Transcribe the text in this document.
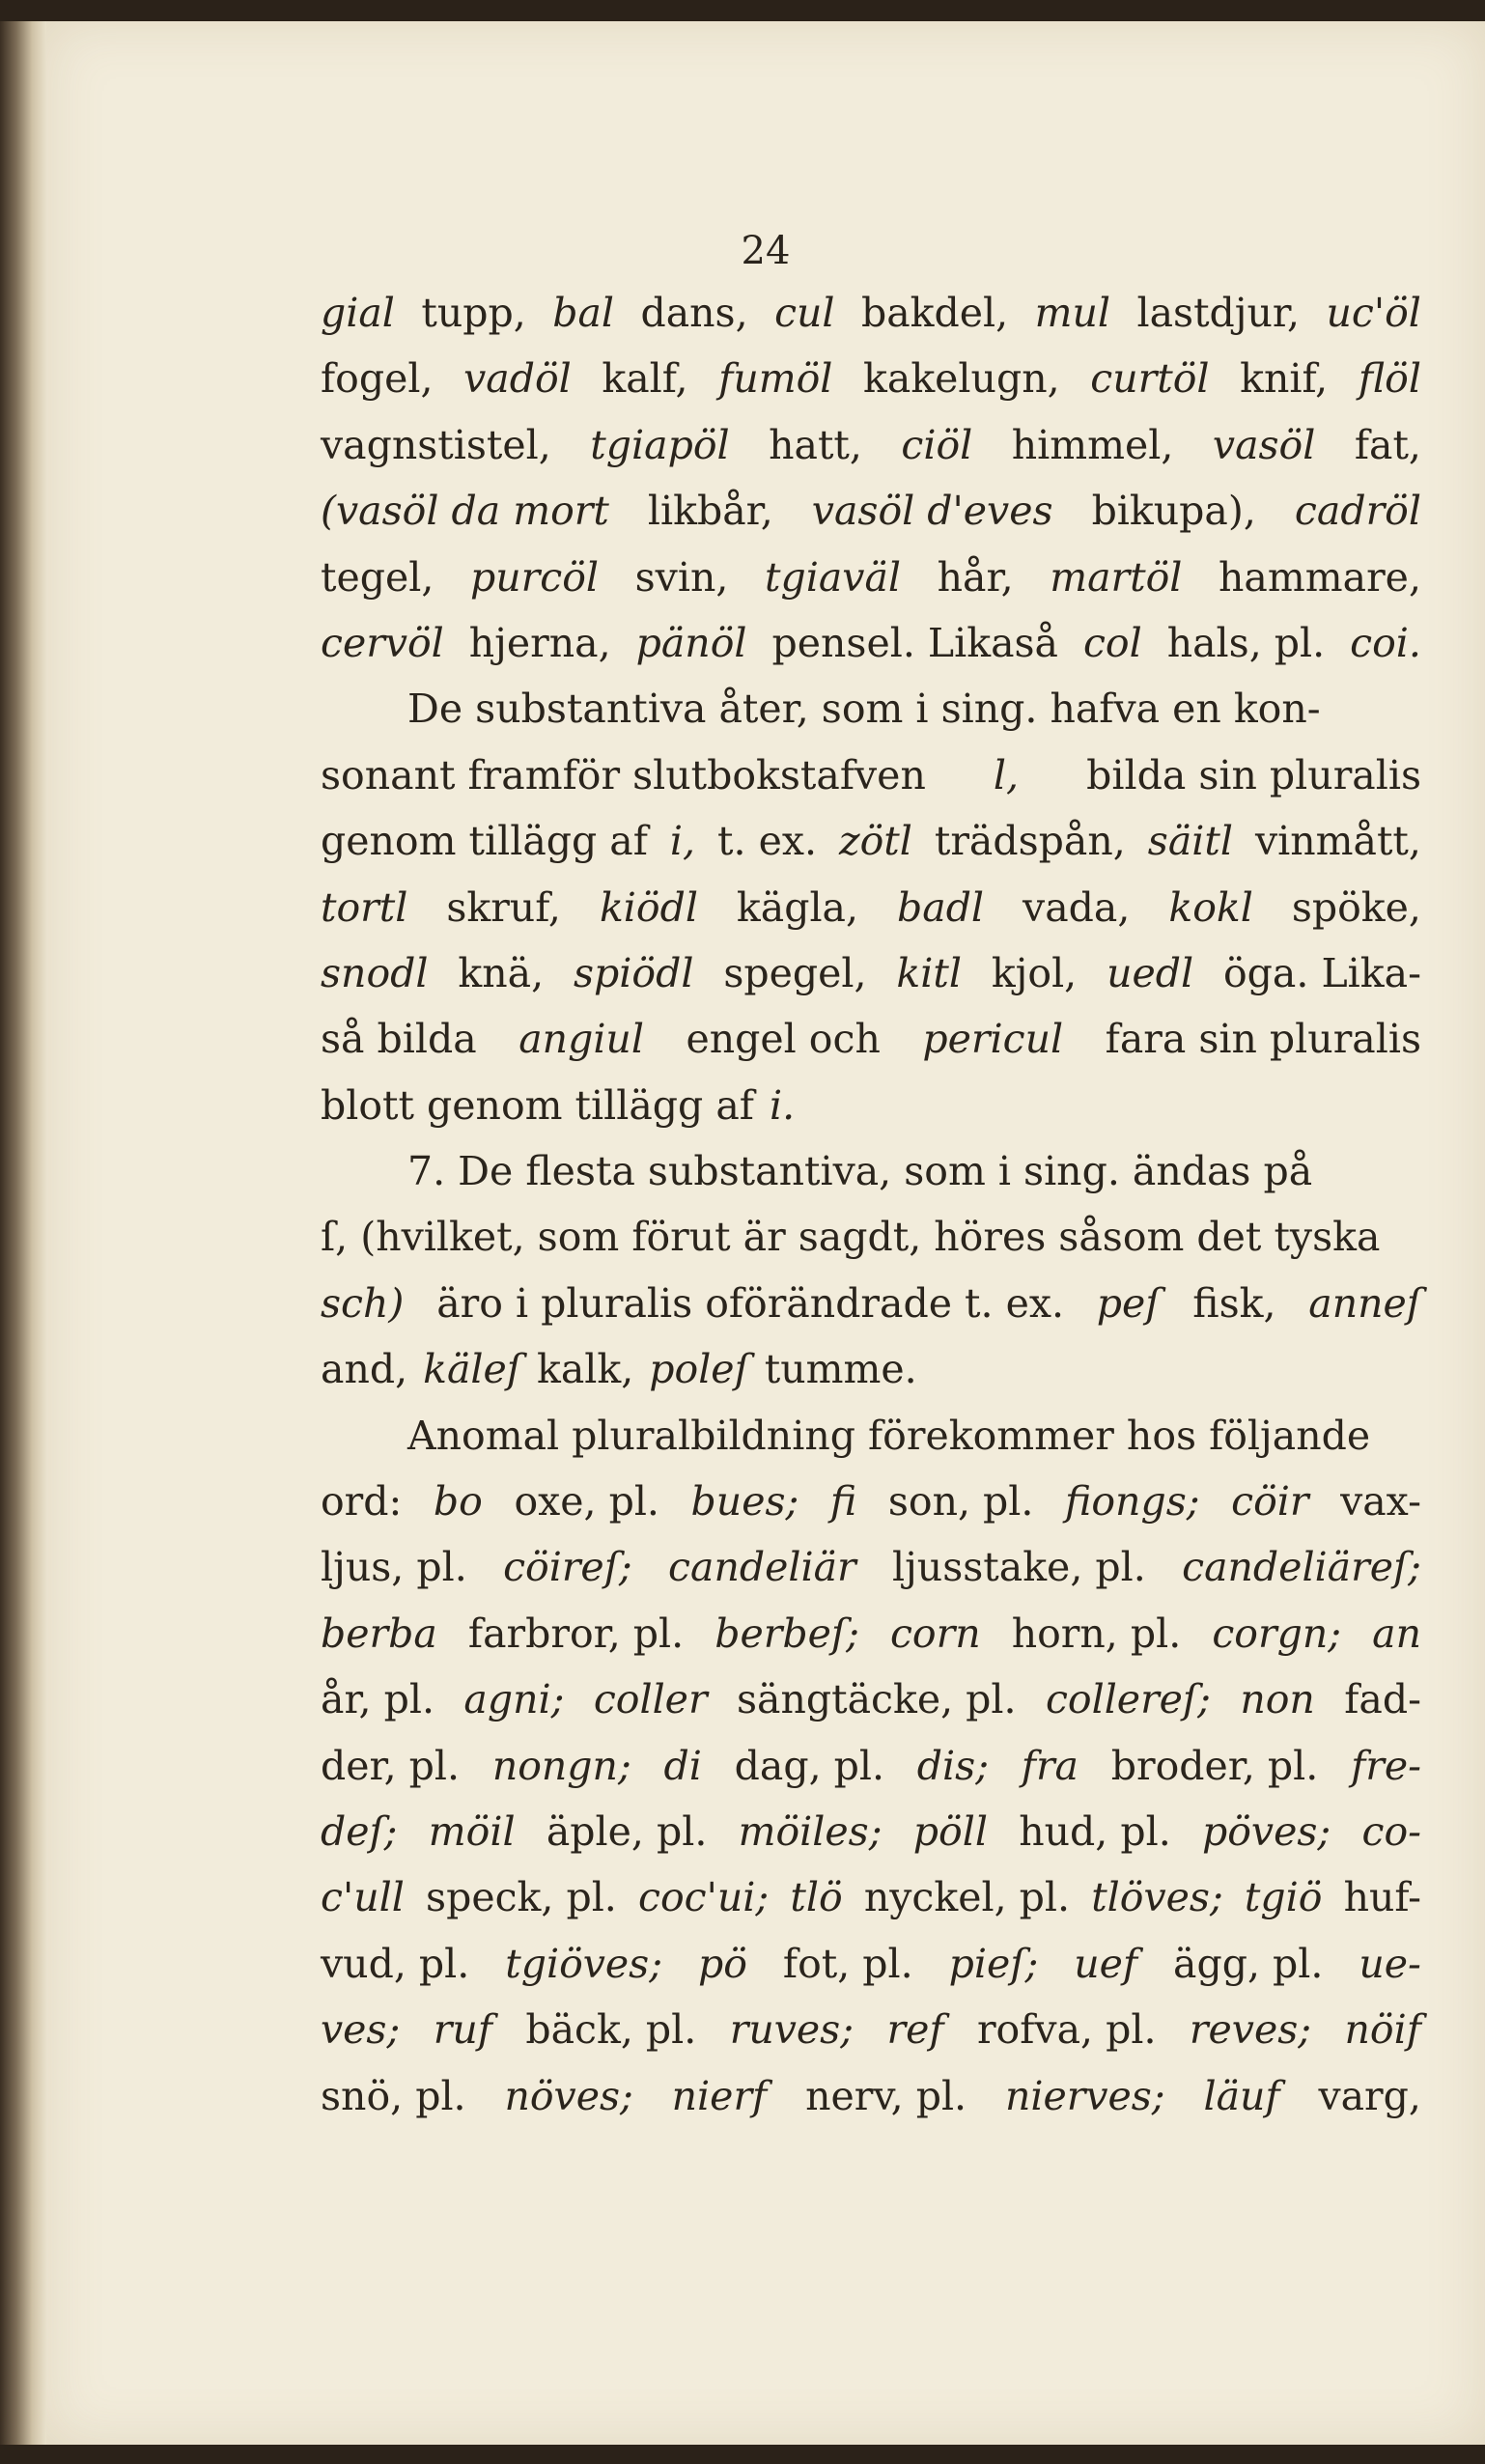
24
gial tupp, bal dans, cul bakdel, mul lastdjur, uc'öl
fogel, vadöl kalf, fumöl kakelugn, curtöl knif, flöl
vagnstistel, tgiapöl hatt, ciöl himmel, vasöl fat,
(vasöl da mort likbår, vasöl d'eves bikupa), cadröl
tegel, purcöl svin, tgiaväl hår, martöl hammare,
cervöl hjerna, pänöl pensel. Likaså col hals, pl. coi.
De substantiva åter, som i sing. hafva en kon-
sonant framför slutbokstafven l, bilda sin pluralis
genom tillägg af i, t. ex. zötl trädspån, säitl vinmått,
tortl skruf, kiödl kägla, badl vada, kokl spöke,
snodl knä, spiödl spegel, kitl kjol, uedl öga. Lika-
så bilda angiul engel och pericul fara sin pluralis
blott genom tillägg af i.
7. De flesta substantiva, som i sing. ändas på
ſ, (hvilket, som förut är sagdt, höres såsom det tyska
sch) äro i pluralis oförändrade t. ex. peſ fisk, anneſ
and, käleſ kalk, poleſ tumme.
Anomal pluralbildning förekommer hos följande
ord: bo oxe, pl. bues; fi son, pl. fiongs; cöir vax-
ljus, pl. cöireſ; candeliär ljusstake, pl. candeliäreſ;
berba farbror, pl. berbeſ; corn horn, pl. corgn; an
år, pl. agni; coller sängtäcke, pl. collereſ; non fad-
der, pl. nongn; di dag, pl. dis; fra broder, pl. fre-
deſ; möil äple, pl. möiles; pöll hud, pl. pöves; co-
c'ull speck, pl. coc'ui; tlö nyckel, pl. tlöves; tgiö huf-
vud, pl. tgiöves; pö fot, pl. pieſ; uef ägg, pl. ue-
ves; ruf bäck, pl. ruves; ref rofva, pl. reves; nöif
snö, pl. növes; nierf nerv, pl. nierves; läuf varg,
